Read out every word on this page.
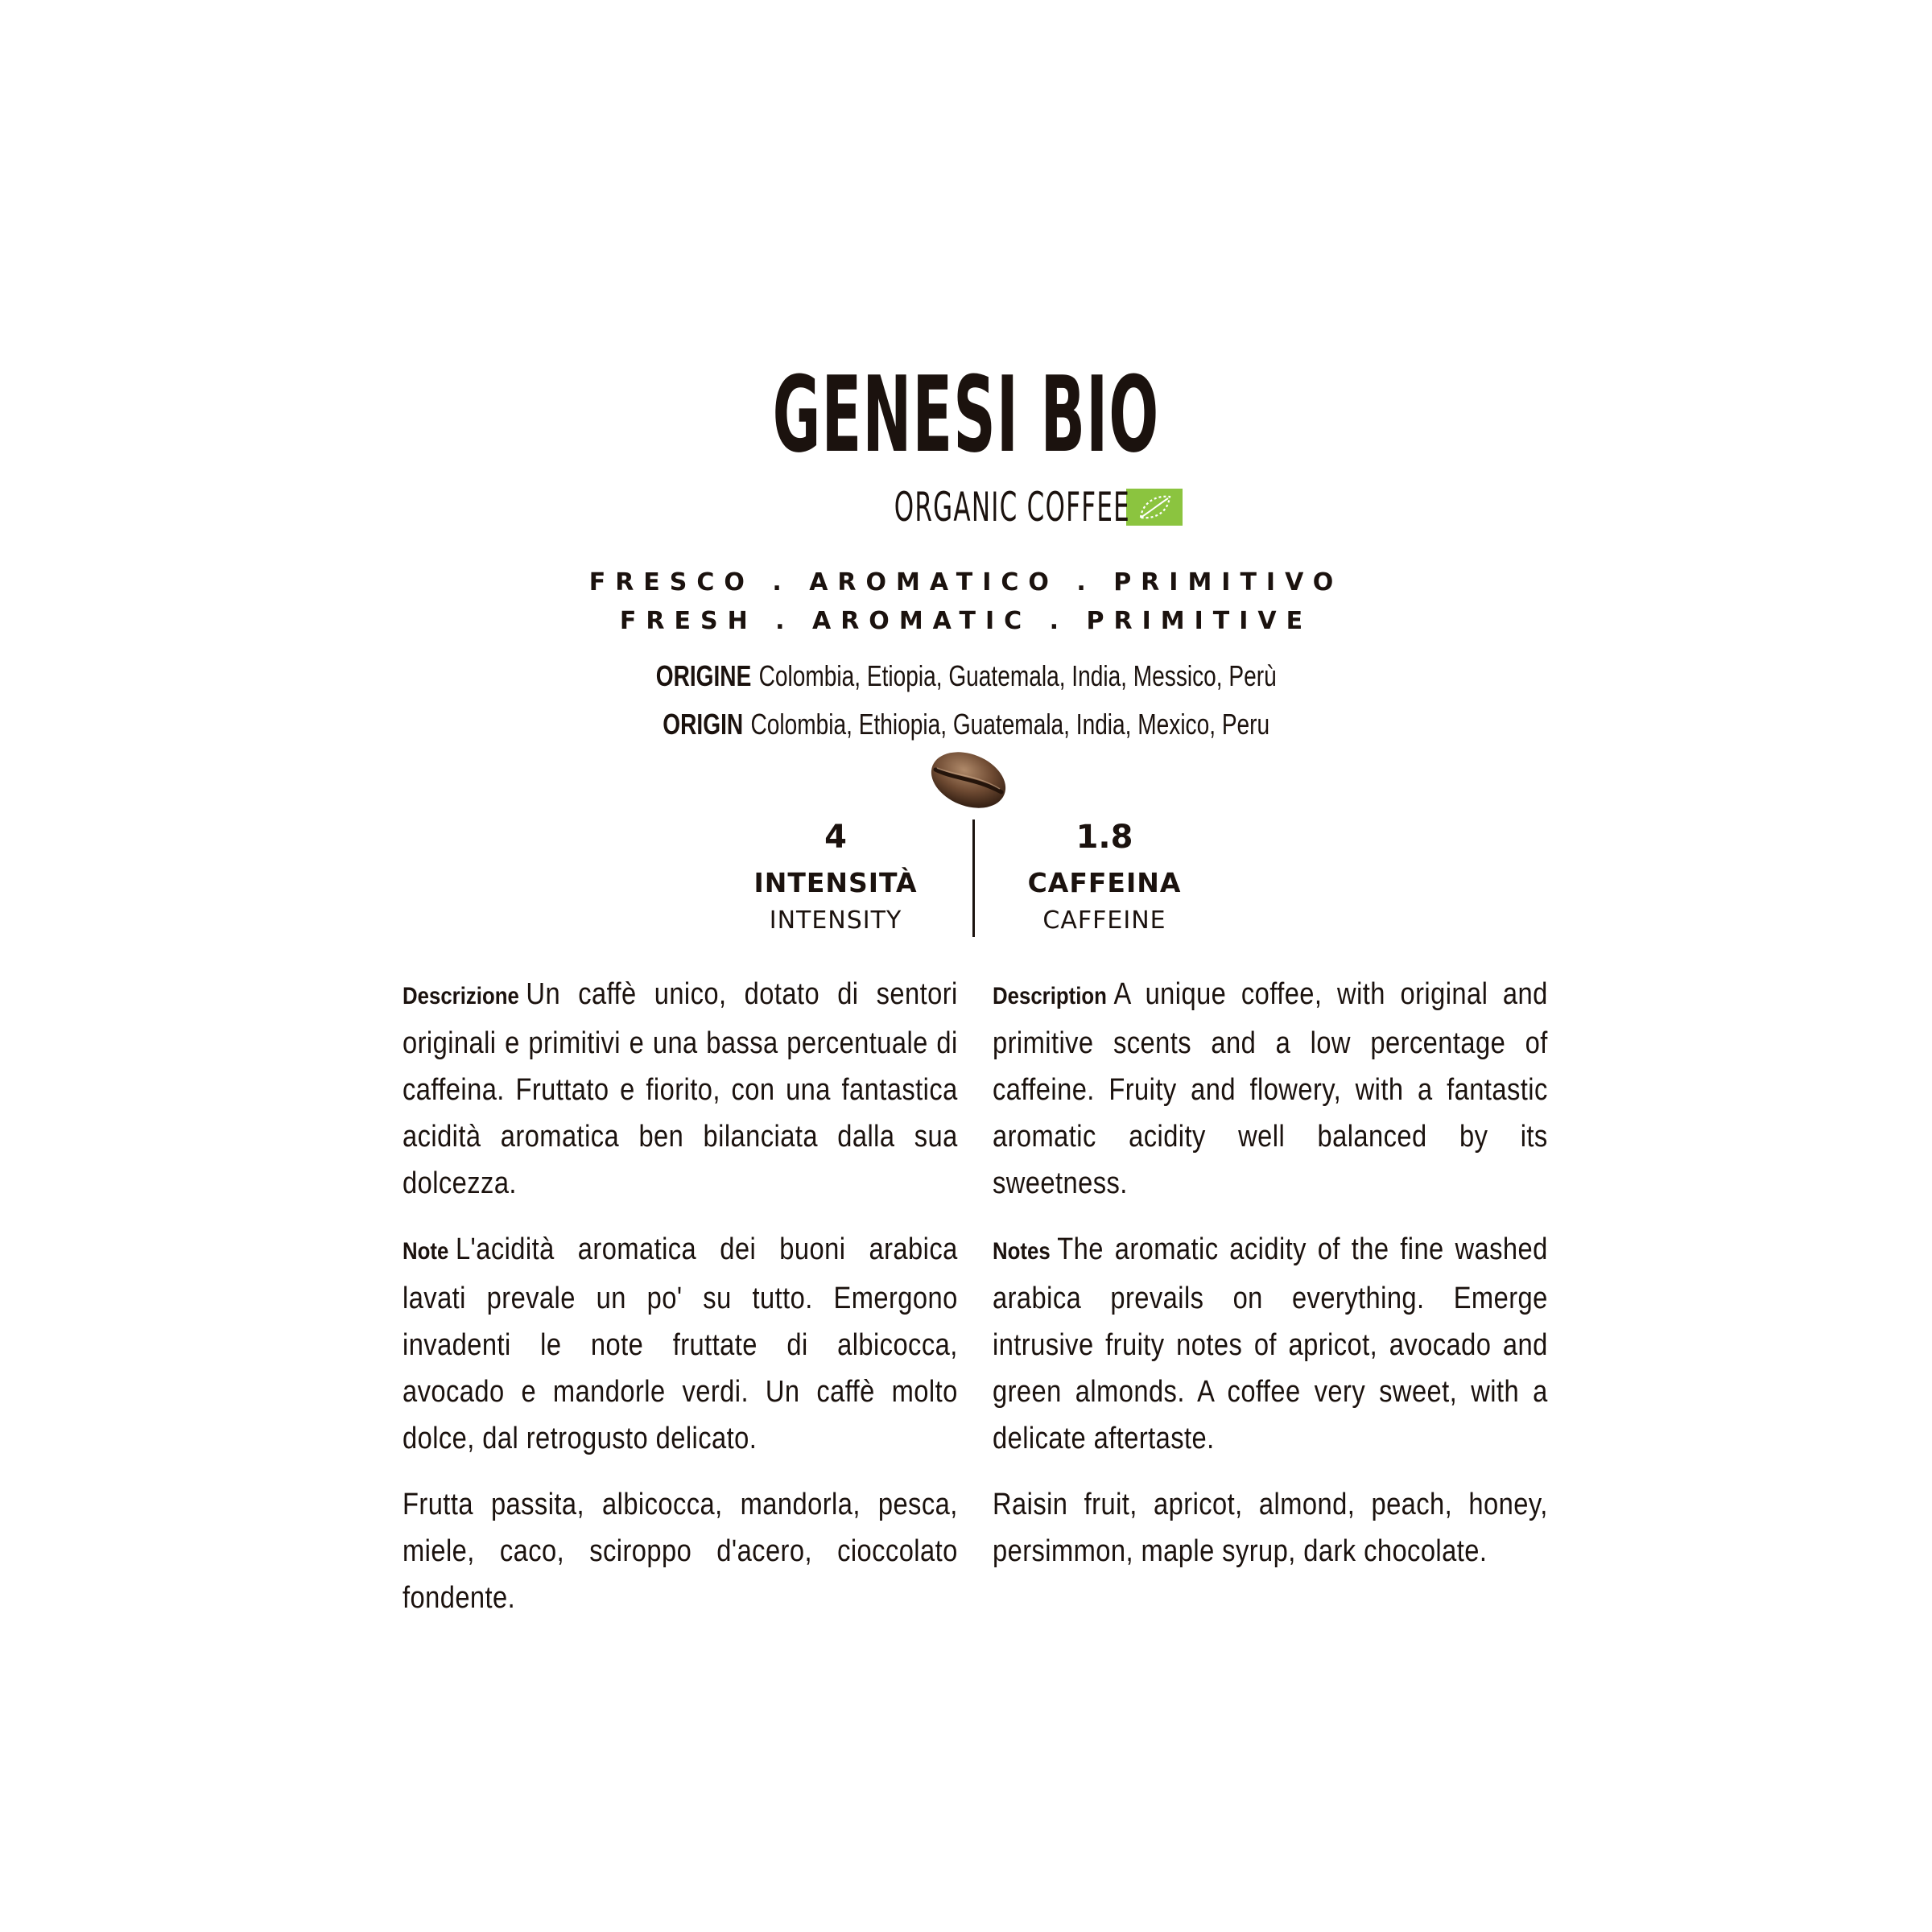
GENESI BIO
ORGANIC COFFEE
FRESCO . AROMATICO . PRIMITIVO
FRESH . AROMATIC . PRIMITIVE
ORIGINE Colombia, Etiopia, Guatemala, India, Messico, Perù
ORIGIN Colombia, Ethiopia, Guatemala, India, Mexico, Peru
4
INTENSITÀ
INTENSITY
1.8
CAFFEINA
CAFFEINE
Descrizione Un caffè unico, dotato di sentori originali e primitivi e una bassa percentuale di caffeina. Fruttato e fiorito, con una fantastica acidità aromatica ben bilanciata dalla sua dolcezza.
Note L'acidità aromatica dei buoni arabica lavati prevale un po' su tutto. Emergono invadenti le note fruttate di albicocca, avocado e mandorle verdi. Un caffè molto dolce, dal retrogusto delicato.
Frutta passita, albicocca, mandorla, pesca, miele, caco, sciroppo d'acero, cioccolato fondente.
Description A unique coffee, with original and primitive scents and a low percentage of caffeine. Fruity and flowery, with a fantastic aromatic acidity well balanced by its sweetness.
Notes The aromatic acidity of the fine washed arabica prevails on everything. Emerge intrusive fruity notes of apricot, avocado and green almonds. A coffee very sweet, with a delicate aftertaste.
Raisin fruit, apricot, almond, peach, honey, persimmon, maple syrup, dark chocolate.
